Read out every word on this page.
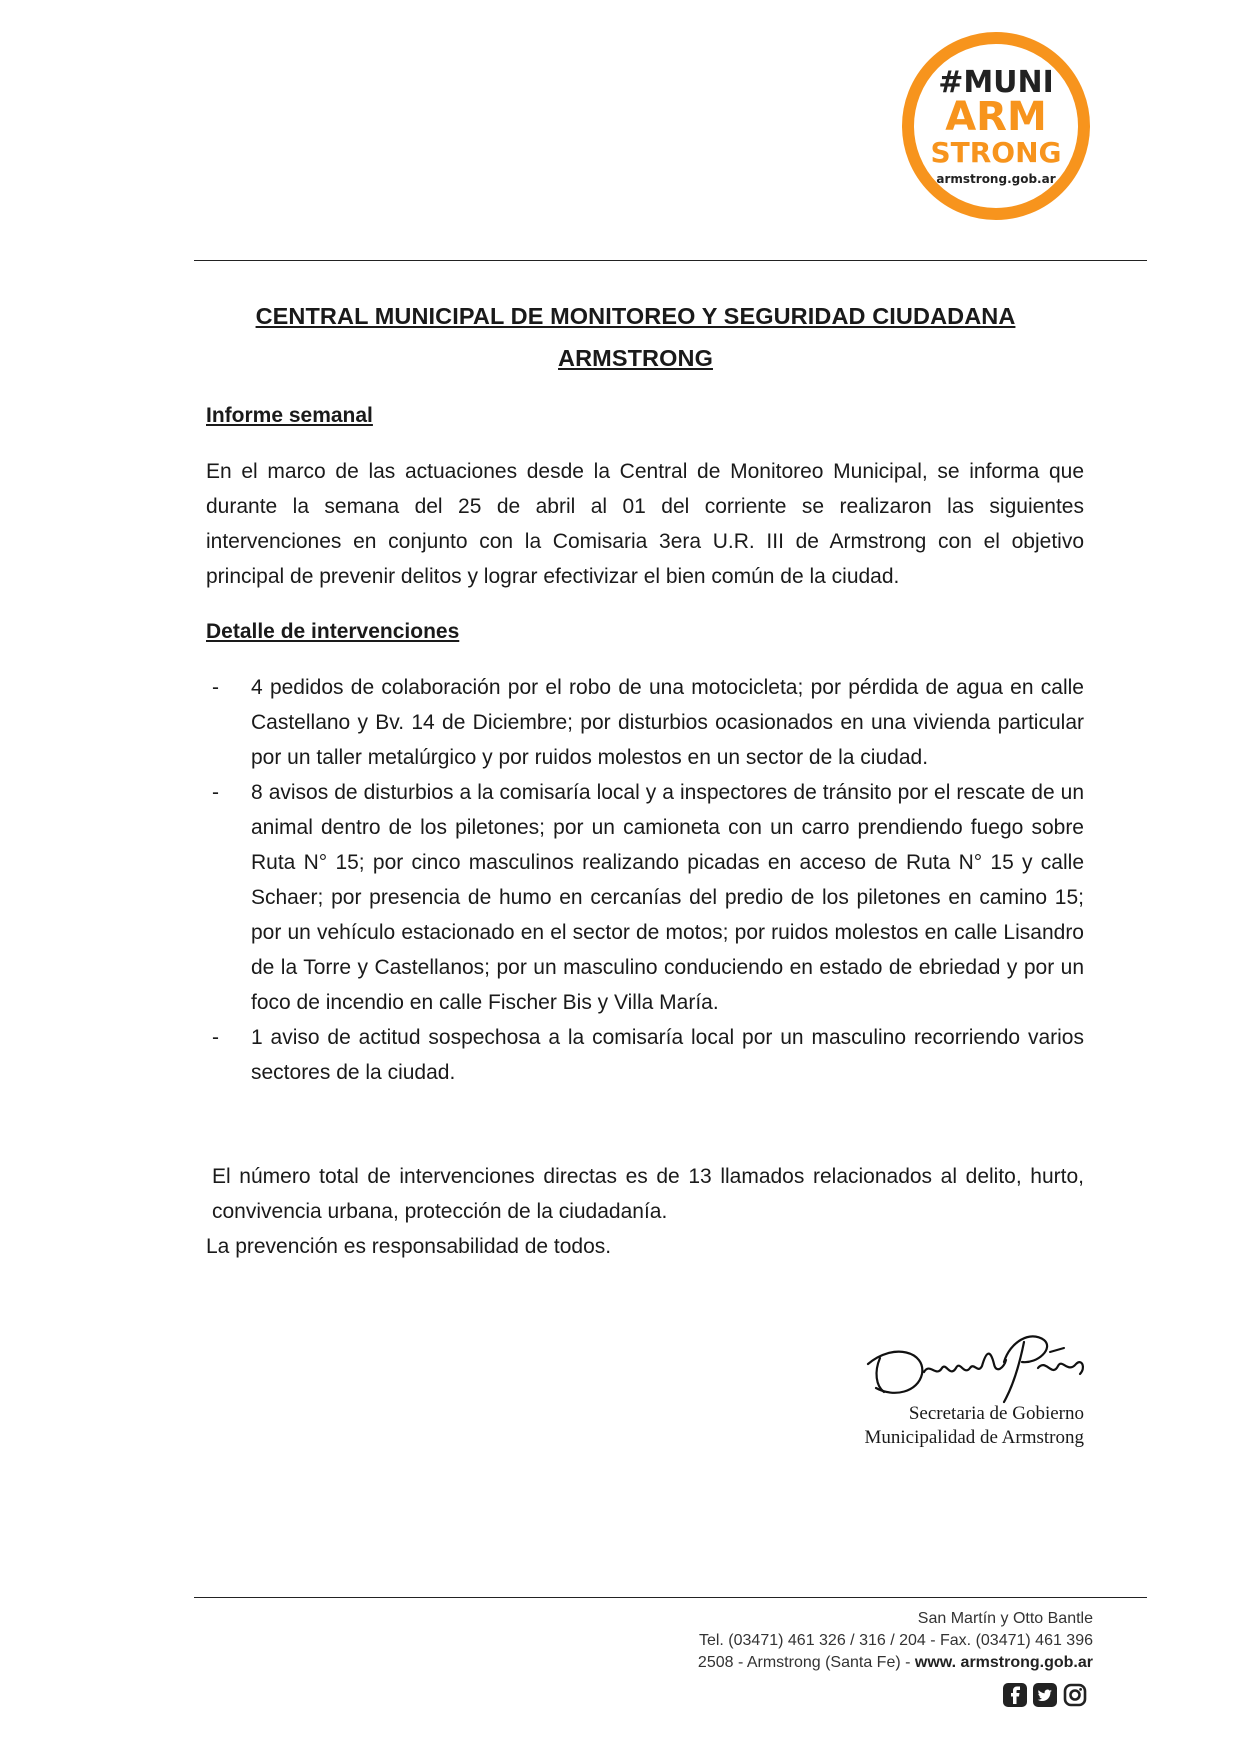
#MUNI
ARM
STRONG
armstrong.gob.ar
CENTRAL MUNICIPAL DE MONITOREO Y SEGURIDAD CIUDADANA
ARMSTRONG
Informe semanal
En el marco de las actuaciones desde la Central de Monitoreo Municipal, se informa que durante la semana del 25 de abril al 01 del corriente se realizaron las siguientes intervenciones en conjunto con la Comisaria 3era U.R. III de Armstrong con el objetivo principal de prevenir delitos y lograr efectivizar el bien común de la ciudad.
Detalle de intervenciones
- 4 pedidos de colaboración por el robo de una motocicleta; por pérdida de agua en calle Castellano y Bv. 14 de Diciembre; por disturbios ocasionados en una vivienda particular por un taller metalúrgico y por ruidos molestos en un sector de la ciudad.
- 8 avisos de disturbios a la comisaría local y a inspectores de tránsito por el rescate de un animal dentro de los piletones; por un camioneta con un carro prendiendo fuego sobre Ruta N° 15; por cinco masculinos realizando picadas en acceso de Ruta N° 15 y calle Schaer; por presencia de humo en cercanías del predio de los piletones en camino 15; por un vehículo estacionado en el sector de motos; por ruidos molestos en calle Lisandro de la Torre y Castellanos; por un masculino conduciendo en estado de ebriedad y por un foco de incendio en calle Fischer Bis y Villa María.
- 1 aviso de actitud sospechosa a la comisaría local por un masculino recorriendo varios sectores de la ciudad.
El número total de intervenciones directas es de 13 llamados relacionados al delito, hurto, convivencia urbana, protección de la ciudadanía.
La prevención es responsabilidad de todos.
Secretaria de Gobierno
Municipalidad de Armstrong
San Martín y Otto Bantle
Tel. (03471) 461 326 / 316 / 204 - Fax. (03471) 461 396
2508 - Armstrong (Santa Fe) - www. armstrong.gob.ar
